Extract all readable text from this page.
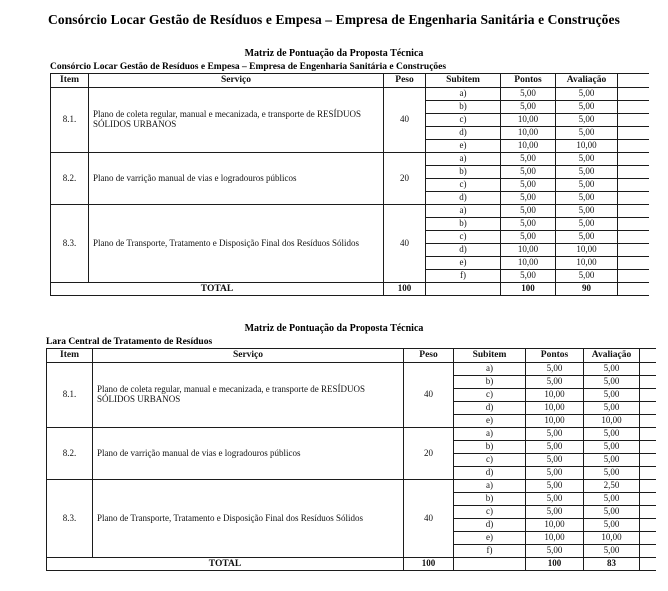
Consórcio Locar Gestão de Resíduos e Empesa – Empresa de Engenharia Sanitária e Construções
Matriz de Pontuação da Proposta Técnica
Consórcio Locar Gestão de Resíduos e Empesa – Empresa de Engenharia Sanitária e Construções
Item	Serviço	Peso	Subitem	Pontos	Avaliação	
8.1.	Plano de coleta regular, manual e mecanizada, e transporte de RESÍDUOS SÓLIDOS URBANOS	40	a)	5,00	5,00	
			b)	5,00	5,00	
			c)	10,00	5,00	
			d)	10,00	5,00	
			e)	10,00	10,00	
8.2.	Plano de varrição manual de vias e logradouros públicos	20	a)	5,00	5,00	
			b)	5,00	5,00	
			c)	5,00	5,00	
			d)	5,00	5,00	
8.3.	Plano de Transporte, Tratamento e Disposição Final dos Resíduos Sólidos	40	a)	5,00	5,00	
			b)	5,00	5,00	
			c)	5,00	5,00	
			d)	10,00	10,00	
			e)	10,00	10,00	
			f)	5,00	5,00	
TOTAL		100		100	90	
Matriz de Pontuação da Proposta Técnica
Lara Central de Tratamento de Resíduos
Item	Serviço	Peso	Subitem	Pontos	Avaliação	
8.1.	Plano de coleta regular, manual e mecanizada, e transporte de RESÍDUOS SÓLIDOS URBANOS	40	a)	5,00	5,00	
			b)	5,00	5,00	
			c)	10,00	5,00	
			d)	10,00	5,00	
			e)	10,00	10,00	
8.2.	Plano de varrição manual de vias e logradouros públicos	20	a)	5,00	5,00	
			b)	5,00	5,00	
			c)	5,00	5,00	
			d)	5,00	5,00	
8.3.	Plano de Transporte, Tratamento e Disposição Final dos Resíduos Sólidos	40	a)	5,00	2,50	
			b)	5,00	5,00	
			c)	5,00	5,00	
			d)	10,00	5,00	
			e)	10,00	10,00	
			f)	5,00	5,00	
TOTAL		100		100	83	
